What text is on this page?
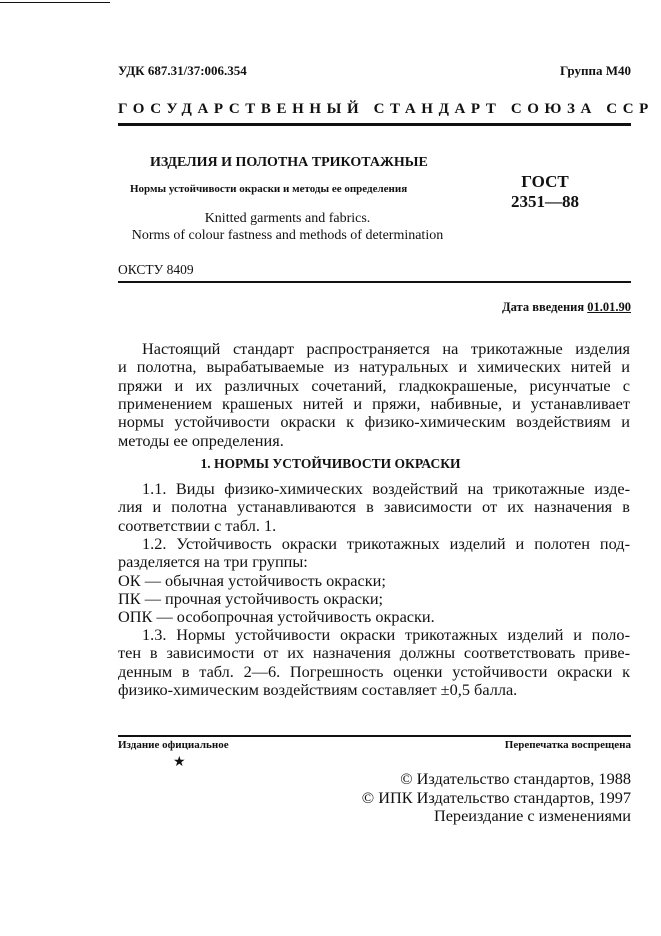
УДК 687.31/37:006.354	Группа М40
ГОСУДАРСТВЕННЫЙ СТАНДАРТ СОЮЗА ССР
ИЗДЕЛИЯ И ПОЛОТНА ТРИКОТАЖНЫЕ
Нормы устойчивости окраски и методы ее определения
Knitted garments and fabrics.
Norms of colour fastness and methods of determination
ГОСТ
2351—88
ОКСТУ 8409
Дата введения 01.01.90
Настоящий стандарт распространяется на трикотажные изделия
и полотна, вырабатываемые из натуральных и химических нитей и
пряжи и их различных сочетаний, гладкокрашеные, рисунчатые с
применением крашеных нитей и пряжи, набивные, и устанавливает
нормы устойчивости окраски к физико-химическим воздействиям и
методы ее определения.
1. НОРМЫ УСТОЙЧИВОСТИ ОКРАСКИ
1.1. Виды физико-химических воздействий на трикотажные изде-
лия и полотна устанавливаются в зависимости от их назначения в
соответствии с табл. 1.
1.2. Устойчивость окраски трикотажных изделий и полотен под-
разделяется на три группы:
ОК — обычная устойчивость окраски;
ПК — прочная устойчивость окраски;
ОПК — особопрочная устойчивость окраски.
1.3. Нормы устойчивости окраски трикотажных изделий и поло-
тен в зависимости от их назначения должны соответствовать приве-
денным в табл. 2—6. Погрешность оценки устойчивости окраски к
физико-химическим воздействиям составляет ±0,5 балла.
Издание официальное	Перепечатка воспрещена
★
© Издательство стандартов, 1988
© ИПК Издательство стандартов, 1997
Переиздание с изменениями
